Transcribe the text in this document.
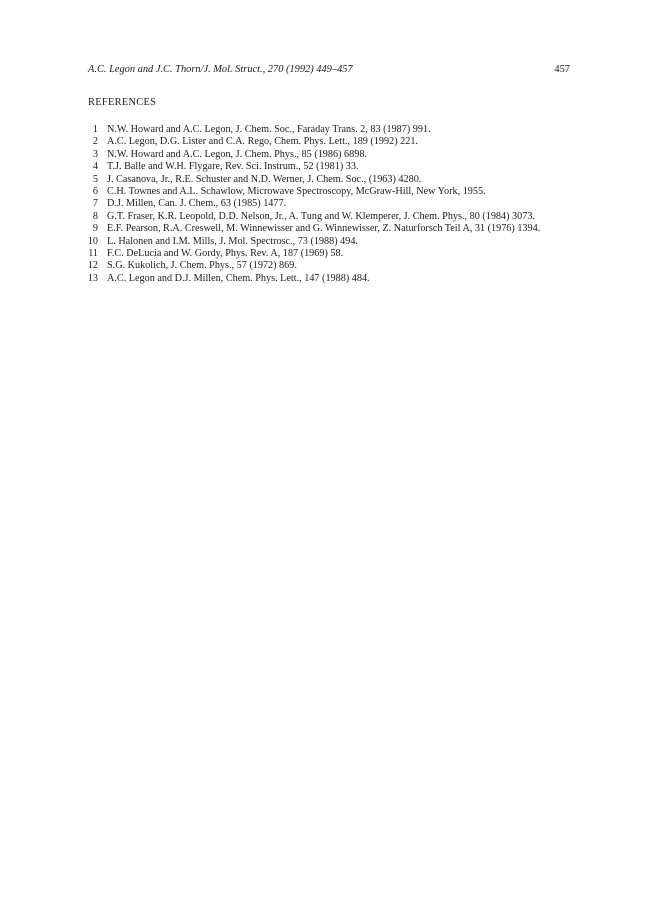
A.C. Legon and J.C. Thorn/J. Mol. Struct., 270 (1992) 449–457	457
REFERENCES
1 N.W. Howard and A.C. Legon, J. Chem. Soc., Faraday Trans. 2, 83 (1987) 991.
2 A.C. Legon, D.G. Lister and C.A. Rego, Chem. Phys. Lett., 189 (1992) 221.
3 N.W. Howard and A.C. Legon, J. Chem. Phys., 85 (1986) 6898.
4 T.J. Balle and W.H. Flygare, Rev. Sci. Instrum., 52 (1981) 33.
5 J. Casanova, Jr., R.E. Schuster and N.D. Werner, J. Chem. Soc., (1963) 4280.
6 C.H. Townes and A.L. Schawlow, Microwave Spectroscopy, McGraw-Hill, New York, 1955.
7 D.J. Millen, Can. J. Chem., 63 (1985) 1477.
8 G.T. Fraser, K.R. Leopold, D.D. Nelson, Jr., A. Tung and W. Klemperer, J. Chem. Phys., 80 (1984) 3073.
9 E.F. Pearson, R.A. Creswell, M. Winnewisser and G. Winnewisser, Z. Naturforsch Teil A, 31 (1976) 1394.
10 L. Halonen and I.M. Mills, J. Mol. Spectrosc., 73 (1988) 494.
11 F.C. DeLucia and W. Gordy, Phys. Rev. A, 187 (1969) 58.
12 S.G. Kukolich, J. Chem. Phys., 57 (1972) 869.
13 A.C. Legon and D.J. Millen, Chem. Phys. Lett., 147 (1988) 484.
